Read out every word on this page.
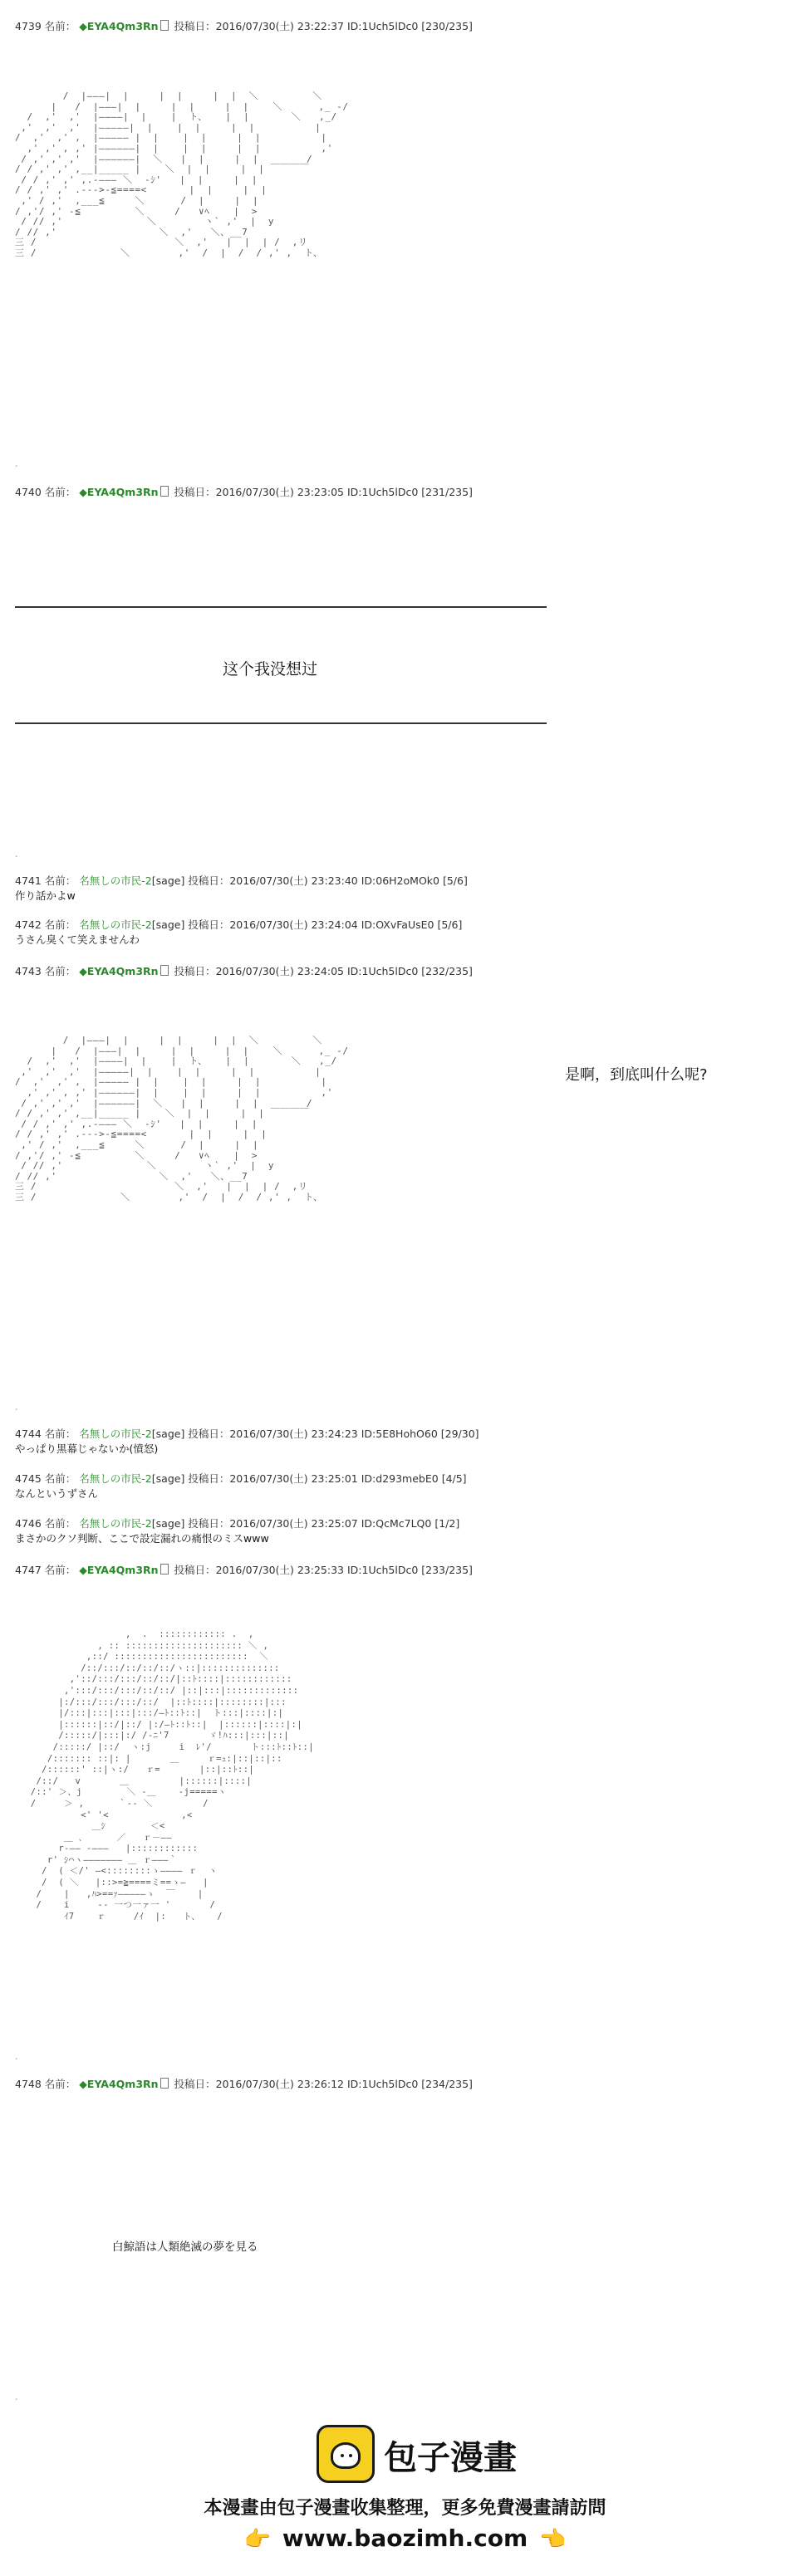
4739 名前： ◆EYA4Qm3Rn 投稿日：2016/07/30(土) 23:22:37 ID:1Uch5lDc0 [230/235]
/  |―――|  |     |  |     |  |  ＼         ＼
|   /  |―――|  |     |  |     |  |    ＼      ,_ -/
/  ,'  ,'  |――――|  |    |  ト、   |  |       ＼   ,_/
,'  ,'  ,'  |―――――|  |    |  |     |  |          |
/  ,'  ,' ,  |――――― |  |    |  |     |  |          |
,' ,' , ,' |――――――|  |    |  |     |  |          ,'
/ ,' ,' ,'  |――――――|  ＼   |  |     |  |        /
/ / ,' ,' ,__|_____ |    ＼  |  |     |  | ￣￣￣￣
/ / ,' ,' ,.-――― ＼  -ｼ'   |  |     |  |
/ / ,' ,' .--->-≦====<       |  |     |  |
,' / ,'  ,___≦     ＼      /  |     |  |
/ ,'/ ,' -≦         ＼     /   ∨ﾍ    |  >
/ // ,'              ＼        ヽ` ,'  |  y
/ // ,'                 ＼  ,'   ＼、__7
三 /                       ＼  ,'   |  |  | /  ,リ
三 /              ＼        ,'  /  |  /  / ,' ,  ト、
˯
4740 名前： ◆EYA4Qm3Rn 投稿日：2016/07/30(土) 23:23:05 ID:1Uch5lDc0 [231/235]
这个我没想过
˯
4741 名前： 名無しの市民-2[sage] 投稿日：2016/07/30(土) 23:23:40 ID:06H2oMOk0 [5/6]
作り話かよw
4742 名前： 名無しの市民-2[sage] 投稿日：2016/07/30(土) 23:24:04 ID:OXvFaUsE0 [5/6]
うさん臭くて笑えませんわ
4743 名前： ◆EYA4Qm3Rn 投稿日：2016/07/30(土) 23:24:05 ID:1Uch5lDc0 [232/235]
/  |―――|  |     |  |     |  |  ＼         ＼
|   /  |―――|  |     |  |     |  |    ＼      ,_ -/
/  ,'  ,'  |――――|  |    |  ト、   |  |       ＼   ,_/
,'  ,'  ,'  |―――――|  |    |  |     |  |          |
/  ,'  ,' ,  |――――― |  |    |  |     |  |          |
,' ,' , ,' |――――――|  |    |  |     |  |          ,'
/ ,' ,' ,'  |――――――|  ＼   |  |     |  |        /
/ / ,' ,' ,__|_____ |    ＼  |  |     |  | ￣￣￣￣
/ / ,' ,' ,.-――― ＼  -ｼ'   |  |     |  |
/ / ,' ,' .--->-≦====<       |  |     |  |
,' / ,'  ,___≦     ＼      /  |     |  |
/ ,'/ ,' -≦         ＼     /   ∨ﾍ    |  >
/ // ,'              ＼        ヽ` ,'  |  y
/ // ,'                 ＼  ,'   ＼、__7
三 /                       ＼  ,'   |  |  | /  ,リ
三 /              ＼        ,'  /  |  /  / ,' ,  ト、
是啊，到底叫什么呢?
˯
4744 名前： 名無しの市民-2[sage] 投稿日：2016/07/30(土) 23:24:23 ID:5E8HohO60 [29/30]
やっぱり黒幕じゃないか(憤怒)
4745 名前： 名無しの市民-2[sage] 投稿日：2016/07/30(土) 23:25:01 ID:d293mebE0 [4/5]
なんというずさん
4746 名前： 名無しの市民-2[sage] 投稿日：2016/07/30(土) 23:25:07 ID:QcMc7LQ0 [1/2]
まさかのクソ判断、ここで設定漏れの痛恨のミスwww
4747 名前： ◆EYA4Qm3Rn 投稿日：2016/07/30(土) 23:25:33 ID:1Uch5lDc0 [233/235]
,  .  :::::::::::: .  ,
, :: ::::::::::::::::::::: ＼ ,
,::/ ::::::::::::::::::::::::  ＼
/::/:::/::/::/::/ヽ::|::::::::::::::
,'::/:::/:::/::/::/|::ﾄ::::|::::::::::::
,':::/:::/:::/::/::/ |::|:::|:::::::::::::
|:/:::/:::/:::/::/  |::ﾄ::::|::::::::|:::
|/:::|:::|:::|:::/―ﾄ::ﾄ::|  ト:::|::::|:|
|::::::|::/|::/ |:/―ﾄ::ﾄ::|  |::::::|::::|:|
/:::::/|:::|:/ /-ﾆ'7       ゞ!ﾊ:::|:::|::|
/:::::/ |::/  ヽ:j     i  ﾚ'/       ト:::ﾄ::ﾄ::|
/::::::: ::|: |       ＿     ｒ=ｭ:|::|::|::
/::::::' ::|ヽ:/   ｒ=       |::|::ﾄ::|
/::/   v       ＿         |::::::|::::|
/::' ＞、j        ＼ ‐＿    ‐j=====ヽ
/     ＞ ,      ｀-‐ ＼         /
<' '<             ,<
＿ｼ        ＜<
＿ ､      ／   ｒ－――
r‐―― ‐―――   |::::::::::::
r' ｼ⌒ヽ――――――― ＿ ｒ―――｀
/  ( ＜/' ―<::::::::ゝ―――― ｒ  ヽ
/  ( ＼   |::>=≧====ミ==ゝ―   |
/    |   ,ﾊ>==ｧ―――――ゝ  ￣    |
/    i     ‐‐ 一つ一ァ一 '       /
ｲ7    ｒ     /ｲ  |:   ト、   /
˯
4748 名前： ◆EYA4Qm3Rn 投稿日：2016/07/30(土) 23:26:12 ID:1Uch5lDc0 [234/235]
白鯨語は人類絶滅の夢を見る
˯
包子漫畫
本漫畫由包子漫畫收集整理，更多免費漫畫請訪問
👉 www.baozimh.com 👈
